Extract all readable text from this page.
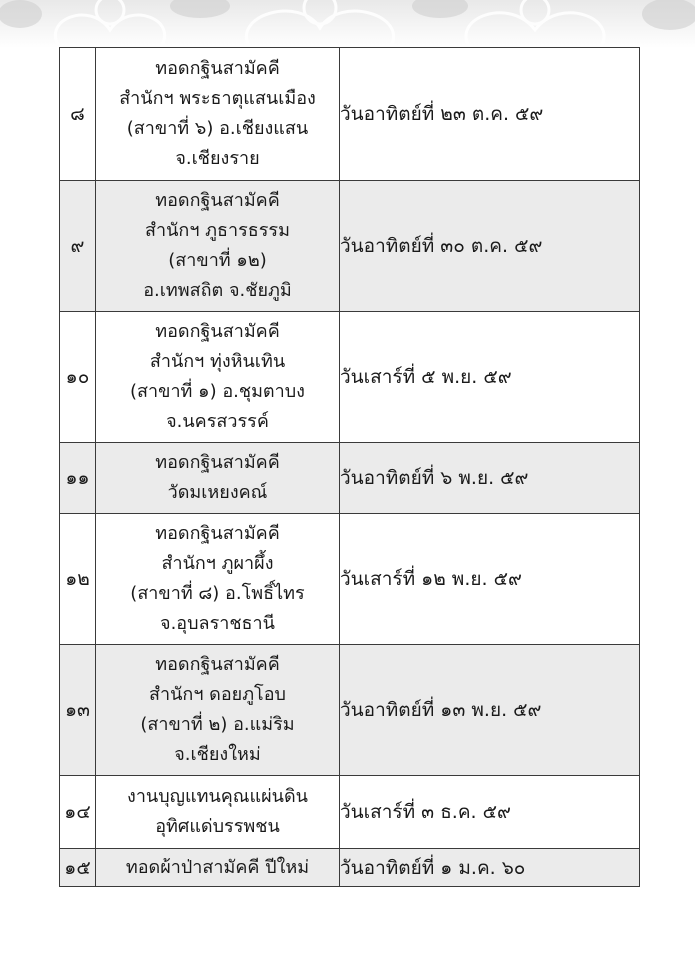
๘	ทอดกฐินสามัคคี
สำนักฯ พระธาตุแสนเมือง
(สาขาที่ ๖) อ.เชียงแสน
จ.เชียงราย	วันอาทิตย์ที่ ๒๓ ต.ค. ๕๙
๙	ทอดกฐินสามัคคี
สำนักฯ ภูธารธรรม
(สาขาที่ ๑๒)
อ.เทพสถิต จ.ชัยภูมิ	วันอาทิตย์ที่ ๓๐ ต.ค. ๕๙
๑๐	ทอดกฐินสามัคคี
สำนักฯ ทุ่งหินเทิน
(สาขาที่ ๑) อ.ชุมตาบง
จ.นครสวรรค์	วันเสาร์ที่ ๕ พ.ย. ๕๙
๑๑	ทอดกฐินสามัคคี
วัดมเหยงคณ์	วันอาทิตย์ที่ ๖ พ.ย. ๕๙
๑๒	ทอดกฐินสามัคคี
สำนักฯ ภูผาผึ้ง
(สาขาที่ ๘) อ.โพธิ์ไทร
จ.อุบลราชธานี	วันเสาร์ที่ ๑๒ พ.ย. ๕๙
๑๓	ทอดกฐินสามัคคี
สำนักฯ ดอยภูโอบ
(สาขาที่ ๒) อ.แม่ริม
จ.เชียงใหม่	วันอาทิตย์ที่ ๑๓ พ.ย. ๕๙
๑๔	งานบุญแทนคุณแผ่นดิน
อุทิศแด่บรรพชน	วันเสาร์ที่ ๓ ธ.ค. ๕๙
๑๕	ทอดผ้าป่าสามัคคี ปีใหม่	วันอาทิตย์ที่ ๑ ม.ค. ๖๐
